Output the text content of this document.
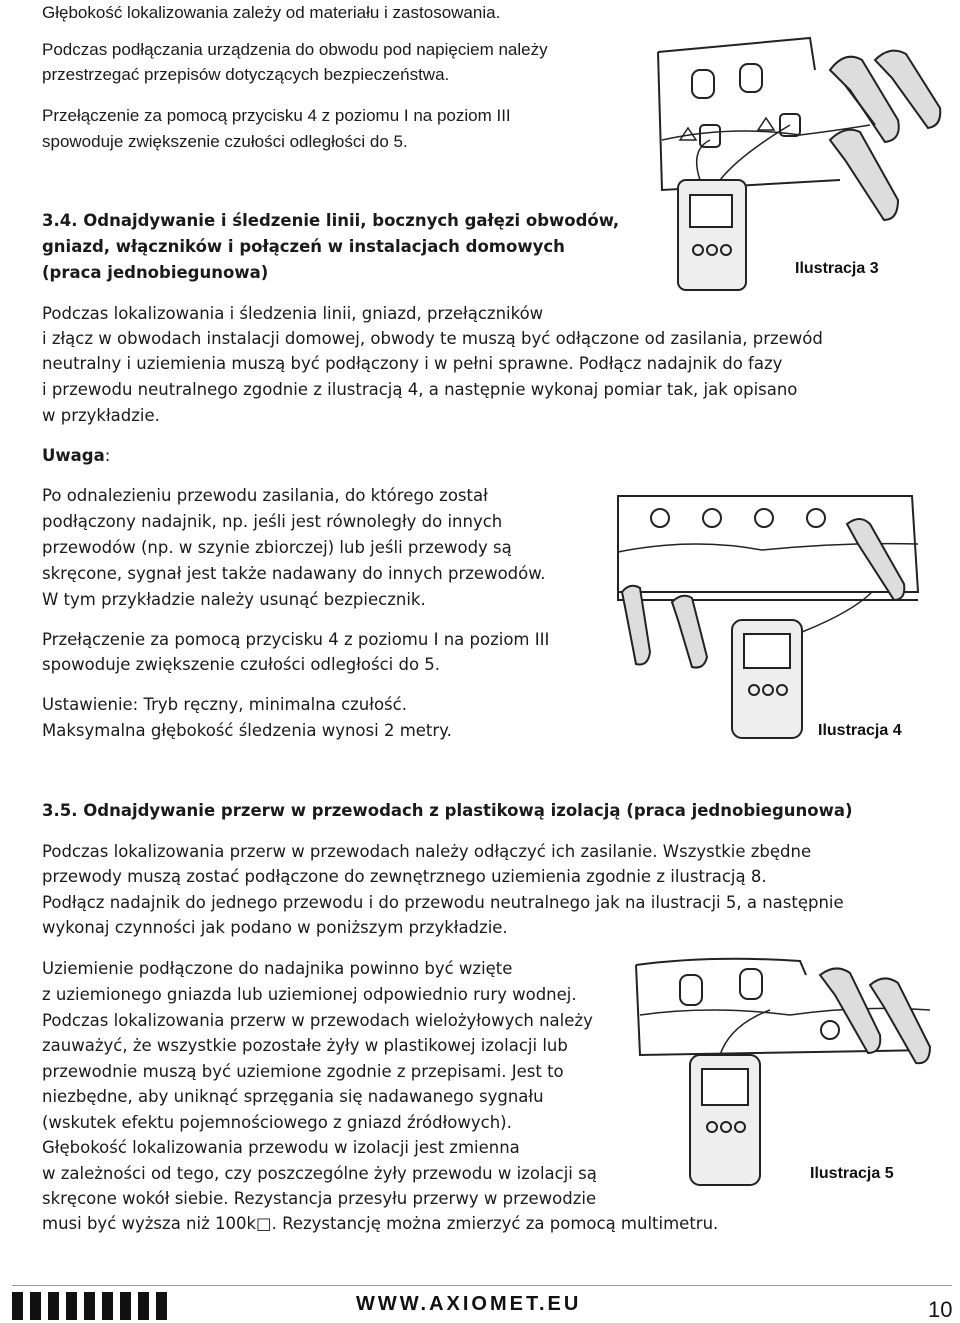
Głębokość lokalizowania zależy od materiału i zastosowania.
Podczas podłączania urządzenia do obwodu pod napięciem należy
przestrzegać przepisów dotyczących bezpieczeństwa.
Przełączenie za pomocą przycisku 4 z poziomu I na poziom III
spowoduje zwiększenie czułości odległości do 5.
3.4. Odnajdywanie i śledzenie linii, bocznych gałęzi obwodów,
gniazd, włączników i połączeń w instalacjach domowych
(praca jednobiegunowa)
Podczas lokalizowania i śledzenia linii, gniazd, przełączników
i złącz w obwodach instalacji domowej, obwody te muszą być odłączone od zasilania, przewód
neutralny i uziemienia muszą być podłączony i w pełni sprawne. Podłącz nadajnik do fazy
i przewodu neutralnego zgodnie z ilustracją 4, a następnie wykonaj pomiar tak, jak opisano
w przykładzie.
Uwaga:
Po odnalezieniu przewodu zasilania, do którego został
podłączony nadajnik, np. jeśli jest równoległy do innych
przewodów (np. w szynie zbiorczej) lub jeśli przewody są
skręcone, sygnał jest także nadawany do innych przewodów.
W tym przykładzie należy usunąć bezpiecznik.
Przełączenie za pomocą przycisku 4 z poziomu I na poziom III
spowoduje zwiększenie czułości odległości do 5.
Ustawienie: Tryb ręczny, minimalna czułość.
Maksymalna głębokość śledzenia wynosi 2 metry.
3.5. Odnajdywanie przerw w przewodach z plastikową izolacją (praca jednobiegunowa)
Podczas lokalizowania przerw w przewodach należy odłączyć ich zasilanie. Wszystkie zbędne
przewody muszą zostać podłączone do zewnętrznego uziemienia zgodnie z ilustracją 8.
Podłącz nadajnik do jednego przewodu i do przewodu neutralnego jak na ilustracji 5, a następnie
wykonaj czynności jak podano w poniższym przykładzie.
Uziemienie podłączone do nadajnika powinno być wzięte
z uziemionego gniazda lub uziemionej odpowiednio rury wodnej.
Podczas lokalizowania przerw w przewodach wielożyłowych należy
zauważyć, że wszystkie pozostałe żyły w plastikowej izolacji lub
przewodnie muszą być uziemione zgodnie z przepisami. Jest to
niezbędne, aby uniknąć sprzęgania się nadawanego sygnału
(wskutek efektu pojemnościowego z gniazd źródłowych).
Głębokość lokalizowania przewodu w izolacji jest zmienna
w zależności od tego, czy poszczególne żyły przewodu w izolacji są
skręcone wokół siebie. Rezystancja przesyłu przerwy w przewodzie
musi być wyższa niż 100k□. Rezystancję można zmierzyć za pomocą multimetru.
Ilustracja 3
Ilustracja 4
Ilustracja 5
WWW.AXIOMET.EU	10
